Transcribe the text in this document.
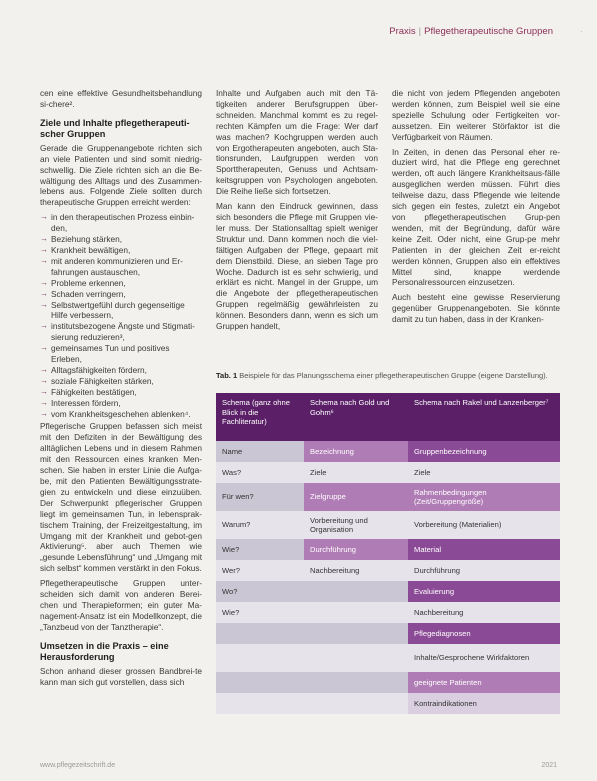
Praxis | Pflegetherapeutische Gruppen	·

cen eine effektive Gesundheitsbehandlung si-chere².

Ziele und Inhalte pflegetherapeuti-scher Gruppen

Gerade die Gruppenangebote richten sich an viele Patienten und sind somit niedrig-schwellig. Die Ziele richten sich an die Be-wältigung des Alltags und des Zusammen-lebens aus. Folgende Ziele sollten durch therapeutische Gruppen erreicht werden:

→ in den therapeutischen Prozess einbin-den,
→ Beziehung stärken,
→ Krankheit bewältigen,
→ mit anderen kommunizieren und Er-fahrungen austauschen,
→ Probleme erkennen,
→ Schaden verringern,
→ Selbstwertgefühl durch gegenseitige Hilfe verbessern,
→ institutsbezogene Ängste und Stigmati-sierung reduzieren³,
→ gemeinsames Tun und positives Erleben,
→ Alltagsfähigkeiten fördern,
→ soziale Fähigkeiten stärken,
→ Fähigkeiten bestätigen,
→ Interessen fördern,
→ vom Krankheitsgeschehen ablenken⁴.

Pflegerische Gruppen befassen sich meist mit den Defiziten in der Bewältigung des alltäglichen Lebens und in diesem Rahmen mit den Ressourcen eines kranken Men-schen. Sie haben in erster Linie die Aufga-be, mit den Patienten Bewältigungsstrate-gien zu entwickeln und diese einzuüben. Der Schwerpunkt pflegerischer Gruppen liegt im gemeinsamen Tun, in lebensprak-tischem Training, der Freizeitgestaltung, im Umgang mit der Krankheit und gebot-gen Aktivierung⁵. aber auch Themen wie „gesunde Lebensführung“ und „Umgang mit sich selbst“ kommen verstärkt in den Fokus.

Pflegetherapeutische Gruppen unter-scheiden sich damit von anderen Berei-chen und Therapieformen; ein guter Ma-nagement-Ansatz ist ein Modellkonzept, die „Tanzbeud von der Tanztherapie“.

Umsetzen in die Praxis – eine Herausforderung

Schon anhand dieser grossen Bandbrei-te kann man sich gut vorstellen, dass sich

Inhalte und Aufgaben auch mit den Tä-tigkeiten anderer Berufsgruppen über-schneiden. Manchmal kommt es zu regel-rechten Kämpfen um die Frage: Wer darf was machen? Kochgruppen werden auch von Ergotherapeuten angeboten, auch Sta-tionsrunden, Laufgruppen werden von Sporttherapeuten, Genuss und Achtsam-keitsgruppen von Psychologen angeboten. Die Reihe ließe sich fortsetzen.

Man kann den Eindruck gewinnen, dass sich besonders die Pflege mit Gruppen vie-ler muss. Der Stationsalltag spielt weniger Struktur und. Dann kommen noch die viel-fältigen Aufgaben der Pflege, gepaart mit dem Dienstbild. Diese, an sieben Tage pro Woche. Dadurch ist es sehr schwierig, und erklärt es nicht. Mangel in der Gruppe, um die Angebote der pflegetherapeutischen Gruppen regelmäßig gewährleisten zu können. Besonders dann, wenn es sich um Gruppen handelt,

die nicht von jedem Pflegenden angeboten werden können, zum Beispiel weil sie eine spezielle Schulung oder Fertigkeiten vor-aussetzen. Ein weiterer Störfaktor ist die Verfügbarkeit von Räumen.

In Zeiten, in denen das Personal eher re-duziert wird, hat die Pflege eng gerechnet werden, oft auch längere Krankheitsaus-fälle ausgeglichen werden müssen. Führt dies teilweise dazu, dass Pflegende wie leitende sich gegen ein festes, zuletzt ein Angebot von pflegetherapeutischen Grup-pen wenden, mit der Begründung, dafür wäre keine Zeit. Oder nicht, eine Grup-pe mehr Patienten in der gleichen Zeit er-reicht werden können, Gruppen also ein effektives Mittel sind, knappe werdende Personalressourcen einzusetzen.

Auch besteht eine gewisse Reservierung gegenüber Gruppenangeboten. Sie könnte damit zu tun haben, dass in der Kranken-

Tab. 1 Beispiele für das Planungsschema einer pflegetherapeutischen Gruppe (eigene Darstellung).
Schema (ganz ohne Blick in die Fachliteratur)	Schema nach Gold und Gohm⁶	Schema nach Rakel und Lanzenberger⁷
Name	Bezeichnung	Gruppenbezeichnung
Was?	Ziele	Ziele
Für wen?	Zielgruppe	Rahmenbedingungen (Zeit/Gruppengröße)
Warum?	Vorbereitung und Organisation	Vorbereitung (Materialien)
Wie?	Durchführung	Material
Wer?	Nachbereitung	Durchführung
Wo?		Evaluierung
Wie?		Nachbereitung
		Pflegediagnosen
		Inhalte/Gesprochene Wirkfaktoren
		geeignete Patienten
		Kontraindikationen
www.pflegezeitschrift.de	2021
